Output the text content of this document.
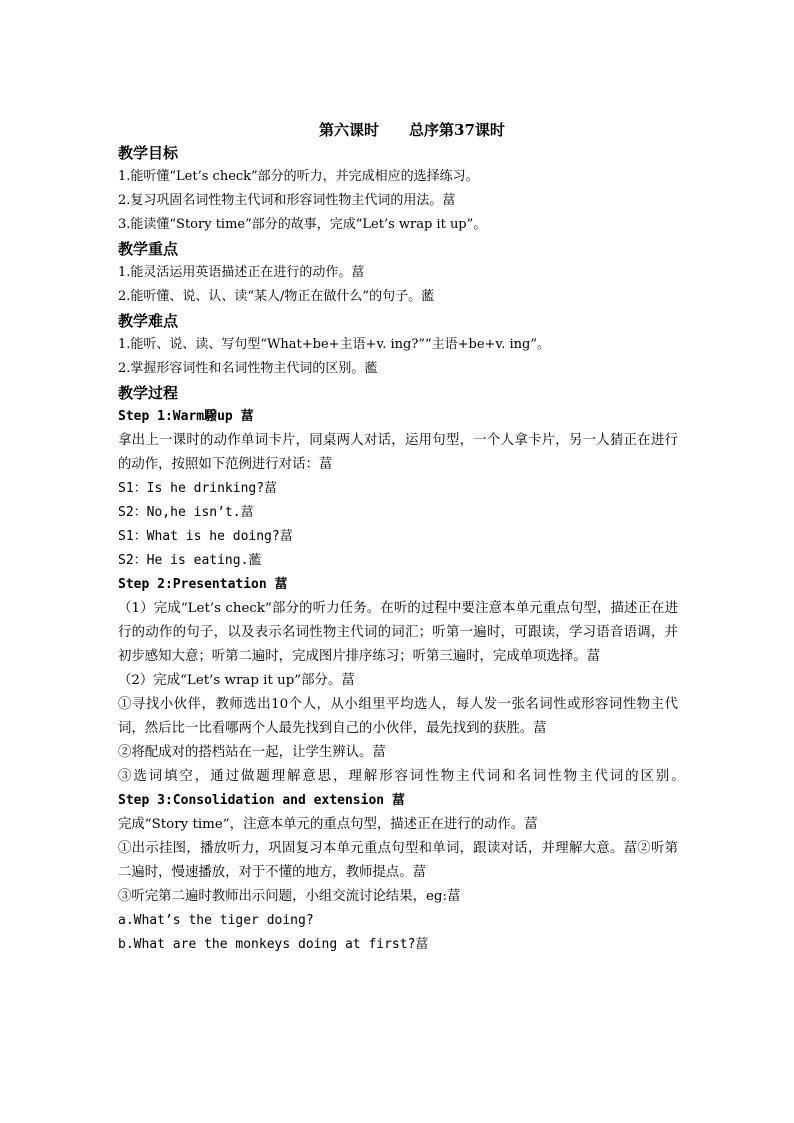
第六课时　　总序第37课时

教学目标

1.能听懂“Let’s check”部分的听力，并完成相应的选择练习。

2.复习巩固名词性物主代词和形容词性物主代词的用法。葍

3.能读懂“Story time”部分的故事，完成“Let’s wrap it up”。

教学重点

1.能灵活运用英语描述正在进行的动作。葍

2.能听懂、说、认、读“某人/物正在做什么”的句子。蘫

教学难点

1.能听、说、读、写句型“What+be+主语+v. ing?”“主语+be+v. ing”。

2.掌握形容词性和名词性物主代词的区别。蘫

教学过程

Step 1:Warm驋up 葍

拿出上一课时的动作单词卡片，同桌两人对话，运用句型，一个人拿卡片，另一人猜正在进行的动作，按照如下范例进行对话：葍

S1：Is he drinking?葍

S2：No,he isn’t.葍

S1：What is he doing?葍

S2：He is eating.蘫

Step 2:Presentation 葍

（1）完成“Let’s check”部分的听力任务。在听的过程中要注意本单元重点句型，描述正在进行的动作的句子，以及表示名词性物主代词的词汇；听第一遍时，可跟读，学习语音语调，并初步感知大意；听第二遍时，完成图片排序练习；听第三遍时，完成单项选择。葍

（2）完成“Let’s wrap it up”部分。葍

①寻找小伙伴，教师选出10个人，从小组里平均选人，每人发一张名词性或形容词性物主代词，然后比一比看哪两个人最先找到自己的小伙伴，最先找到的获胜。葍

②将配成对的搭档站在一起，让学生辨认。葍

③选词填空，通过做题理解意思，理解形容词性物主代词和名词性物主代词的区别。　Step 3:Consolidation and extension 葍

完成“Story time”，注意本单元的重点句型，描述正在进行的动作。葍

①出示挂图，播放听力，巩固复习本单元重点句型和单词，跟读对话，并理解大意。葍②听第二遍时，慢速播放，对于不懂的地方，教师提点。葍

③听完第二遍时教师出示问题，小组交流讨论结果，eg:葍

a.What’s the tiger doing?

b.What are the monkeys doing at first?葍
